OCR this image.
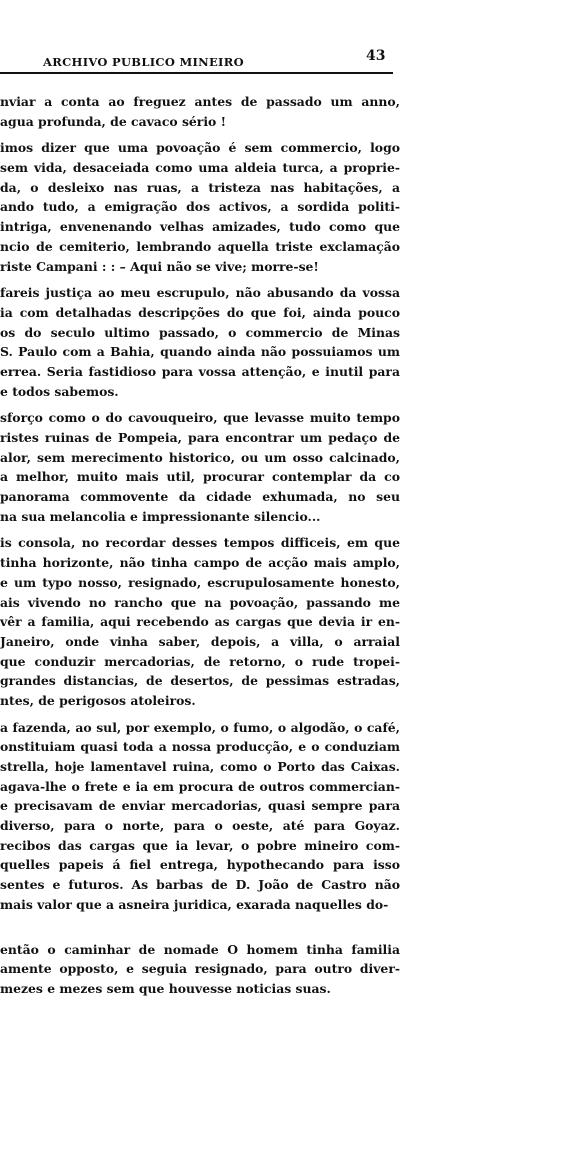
ARCHIVO PUBLICO MINEIRO	43
nviar a conta ao freguez antes de passado um anno,
agua profunda, de cavaco sério !
imos dizer que uma povoação é sem commercio, logo
sem vida, desaceiada como uma aldeia turca, a proprie-
da, o desleixo nas ruas, a tristeza nas habitações, a
ando tudo, a emigração dos activos, a sordida politi-
intriga, envenenando velhas amizades, tudo como que
ncio de cemiterio, lembrando aquella triste exclamação
riste Campani : : – Aqui não se vive; morre-se!
fareis justiça ao meu escrupulo, não abusando da vossa
ia com detalhadas descripções do que foi, ainda pouco
os do seculo ultimo passado, o commercio de Minas
S. Paulo com a Bahia, quando ainda não possuiamos um
errea. Seria fastidioso para vossa attenção, e inutil para
e todos sabemos.
sforço como o do cavouqueiro, que levasse muito tempo
ristes ruinas de Pompeia, para encontrar um pedaço de
alor, sem merecimento historico, ou um osso calcinado,
a melhor, muito mais util, procurar contemplar da co
panorama commovente da cidade exhumada, no seu
na sua melancolia e impressionante silencio...
is consola, no recordar desses tempos difficeis, em que
tinha horizonte, não tinha campo de acção mais amplo,
e um typo nosso, resignado, escrupulosamente honesto,
ais vivendo no rancho que na povoação, passando me
vêr a familia, aqui recebendo as cargas que devia ir en-
Janeiro, onde vinha saber, depois, a villa, o arraial
que conduzir mercadorias, de retorno, o rude tropei-
grandes distancias, de desertos, de pessimas estradas,
ntes, de perigosos atoleiros.
a fazenda, ao sul, por exemplo, o fumo, o algodão, o café,
onstituiam quasi toda a nossa producção, e o conduziam
strella, hoje lamentavel ruina, como o Porto das Caixas.
agava-lhe o frete e ia em procura de outros commercian-
e precisavam de enviar mercadorias, quasi sempre para
diverso, para o norte, para o oeste, até para Goyaz.
recibos das cargas que ia levar, o pobre mineiro com-
quelles papeis á fiel entrega, hypothecando para isso
sentes e futuros. As barbas de D. João de Castro não
mais valor que a asneira juridica, exarada naquelles do-
então o caminhar de nomade O homem tinha familia
amente opposto, e seguia resignado, para outro diver-
mezes e mezes sem que houvesse noticias suas.
